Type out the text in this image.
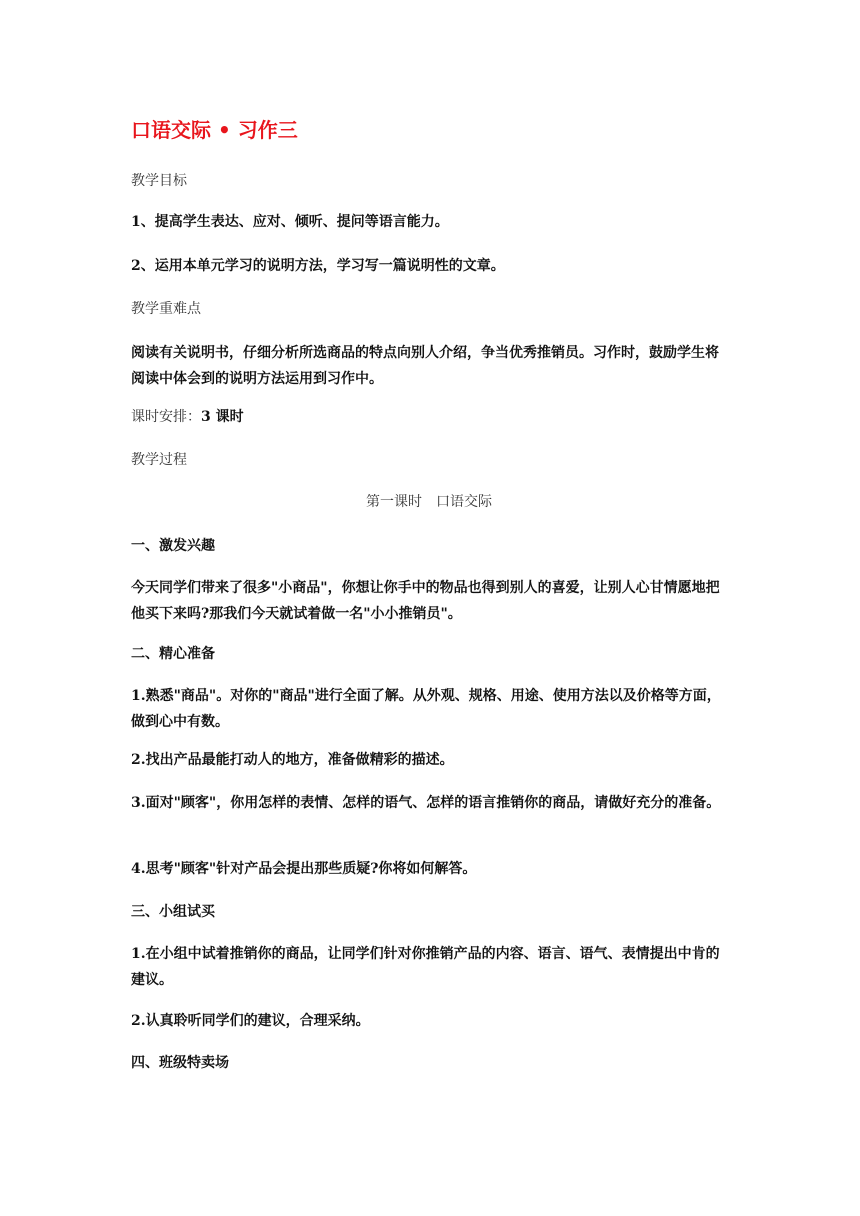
口语交际 • 习作三
教学目标
1、提高学生表达、应对、倾听、提问等语言能力。
2、运用本单元学习的说明方法，学习写一篇说明性的文章。
教学重难点
阅读有关说明书，仔细分析所选商品的特点向别人介绍，争当优秀推销员。习作时，鼓励学生将阅读中体会到的说明方法运用到习作中。
课时安排：3 课时
教学过程
第一课时　口语交际
一、激发兴趣
今天同学们带来了很多"小商品"，你想让你手中的物品也得到别人的喜爱，让别人心甘情愿地把他买下来吗?那我们今天就试着做一名"小小推销员"。
二、精心准备
1.熟悉"商品"。对你的"商品"进行全面了解。从外观、规格、用途、使用方法以及价格等方面，做到心中有数。
2.找出产品最能打动人的地方，准备做精彩的描述。
3.面对"顾客"，你用怎样的表情、怎样的语气、怎样的语言推销你的商品，请做好充分的准备。
4.思考"顾客"针对产品会提出那些质疑?你将如何解答。
三、小组试买
1.在小组中试着推销你的商品，让同学们针对你推销产品的内容、语言、语气、表情提出中肯的建议。
2.认真聆听同学们的建议，合理采纳。
四、班级特卖场
